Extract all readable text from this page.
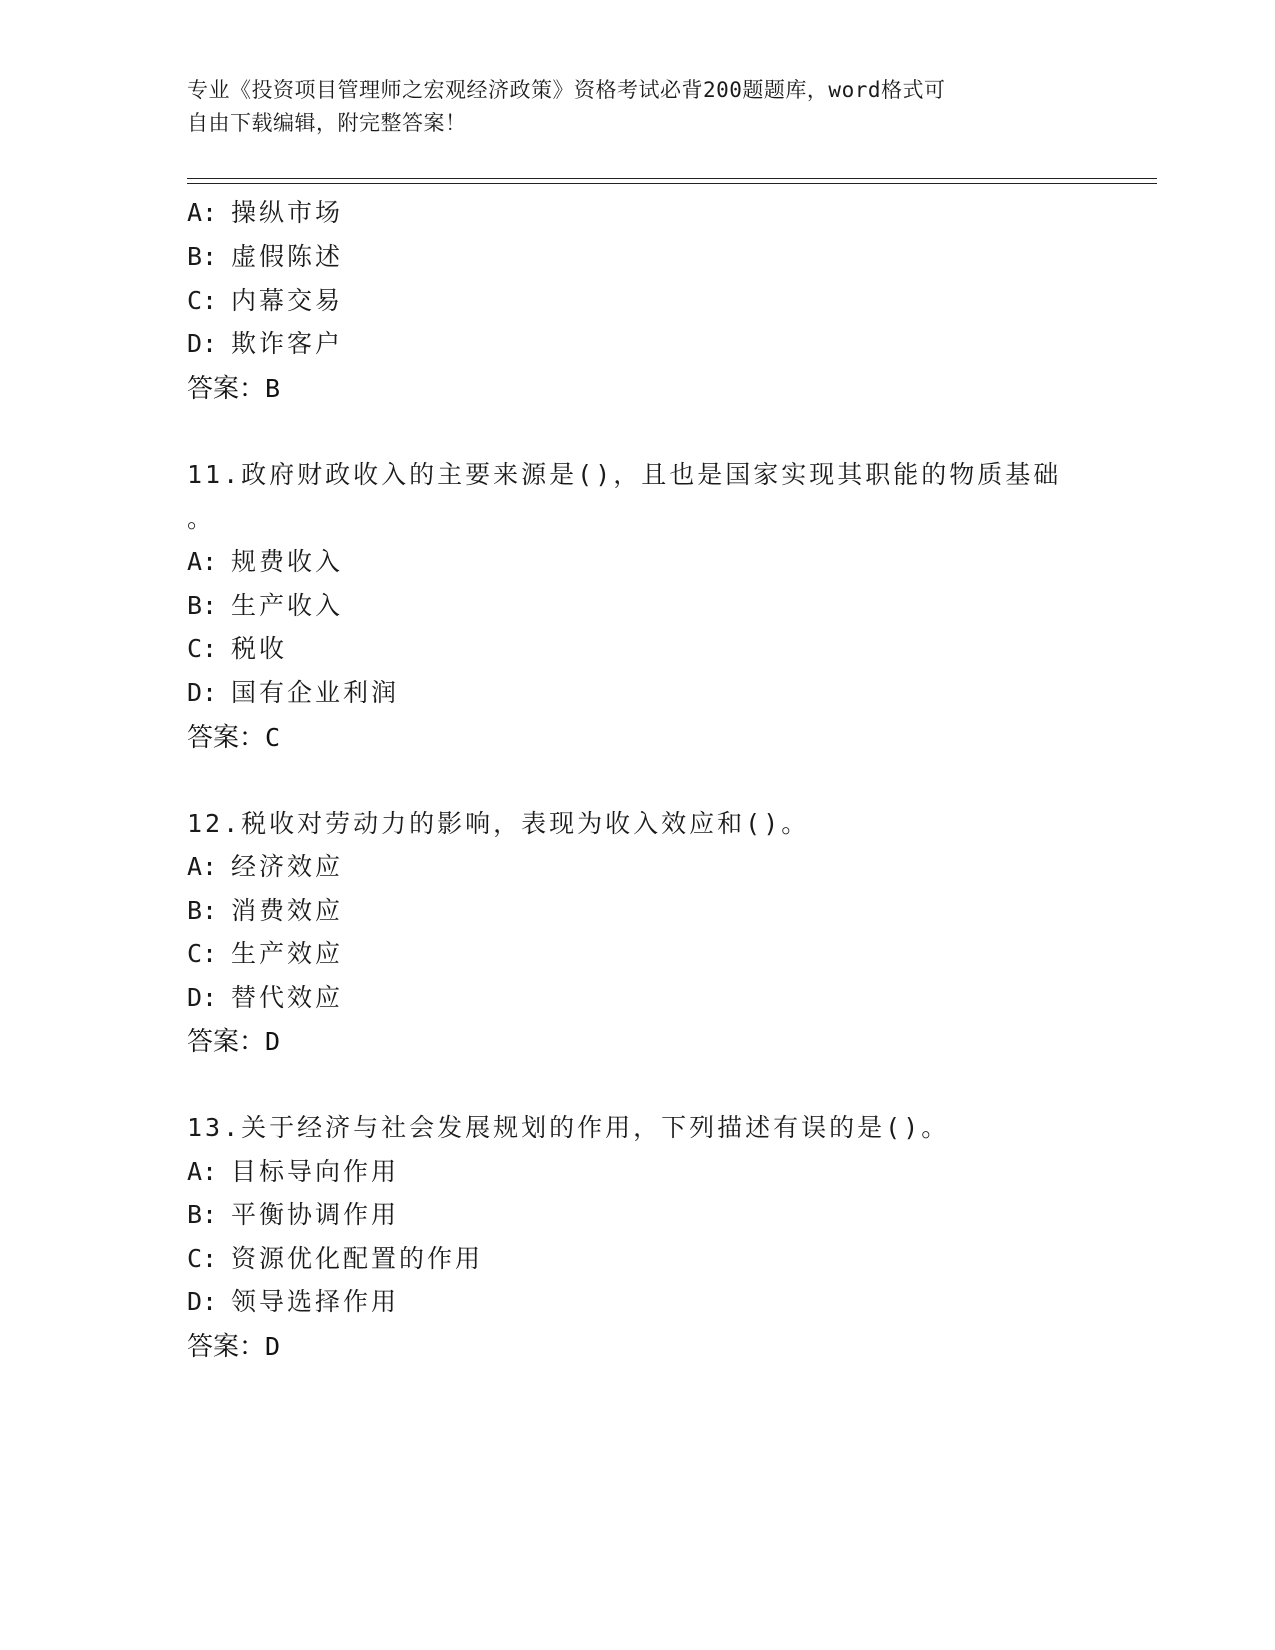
专业《投资项目管理师之宏观经济政策》资格考试必背200题题库，word格式可
自由下载编辑，附完整答案！
A: 操纵市场
B: 虚假陈述
C: 内幕交易
D: 欺诈客户
答案：B
11.政府财政收入的主要来源是()，且也是国家实现其职能的物质基础
。
A: 规费收入
B: 生产收入
C: 税收
D: 国有企业利润
答案：C
12.税收对劳动力的影响，表现为收入效应和()。
A: 经济效应
B: 消费效应
C: 生产效应
D: 替代效应
答案：D
13.关于经济与社会发展规划的作用，下列描述有误的是()。
A: 目标导向作用
B: 平衡协调作用
C: 资源优化配置的作用
D: 领导选择作用
答案：D
